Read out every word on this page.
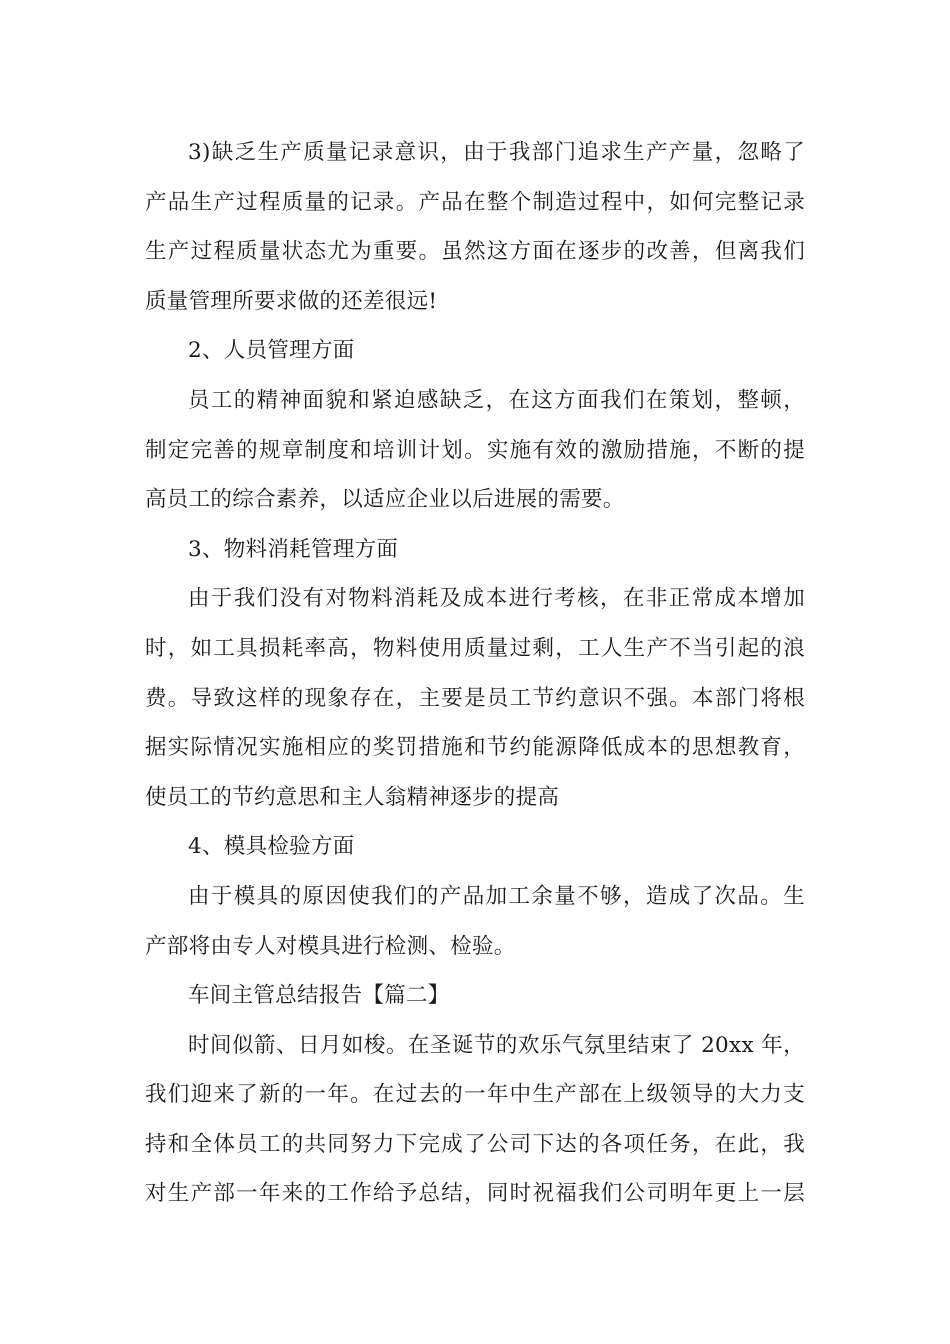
3)缺乏生产质量记录意识，由于我部门追求生产产量，忽略了
产品生产过程质量的记录。产品在整个制造过程中，如何完整记录
生产过程质量状态尤为重要。虽然这方面在逐步的改善，但离我们
质量管理所要求做的还差很远!
2、人员管理方面
员工的精神面貌和紧迫感缺乏，在这方面我们在策划，整顿，
制定完善的规章制度和培训计划。实施有效的激励措施，不断的提
高员工的综合素养，以适应企业以后进展的需要。
3、物料消耗管理方面
由于我们没有对物料消耗及成本进行考核，在非正常成本增加
时，如工具损耗率高，物料使用质量过剩，工人生产不当引起的浪
费。导致这样的现象存在，主要是员工节约意识不强。本部门将根
据实际情况实施相应的奖罚措施和节约能源降低成本的思想教育，
使员工的节约意思和主人翁精神逐步的提高
4、模具检验方面
由于模具的原因使我们的产品加工余量不够，造成了次品。生
产部将由专人对模具进行检测、检验。
车间主管总结报告【篇二】
时间似箭、日月如梭。在圣诞节的欢乐气氛里结束了 20xx 年，
我们迎来了新的一年。在过去的一年中生产部在上级领导的大力支
持和全体员工的共同努力下完成了公司下达的各项任务，在此，我
对生产部一年来的工作给予总结，同时祝福我们公司明年更上一层
